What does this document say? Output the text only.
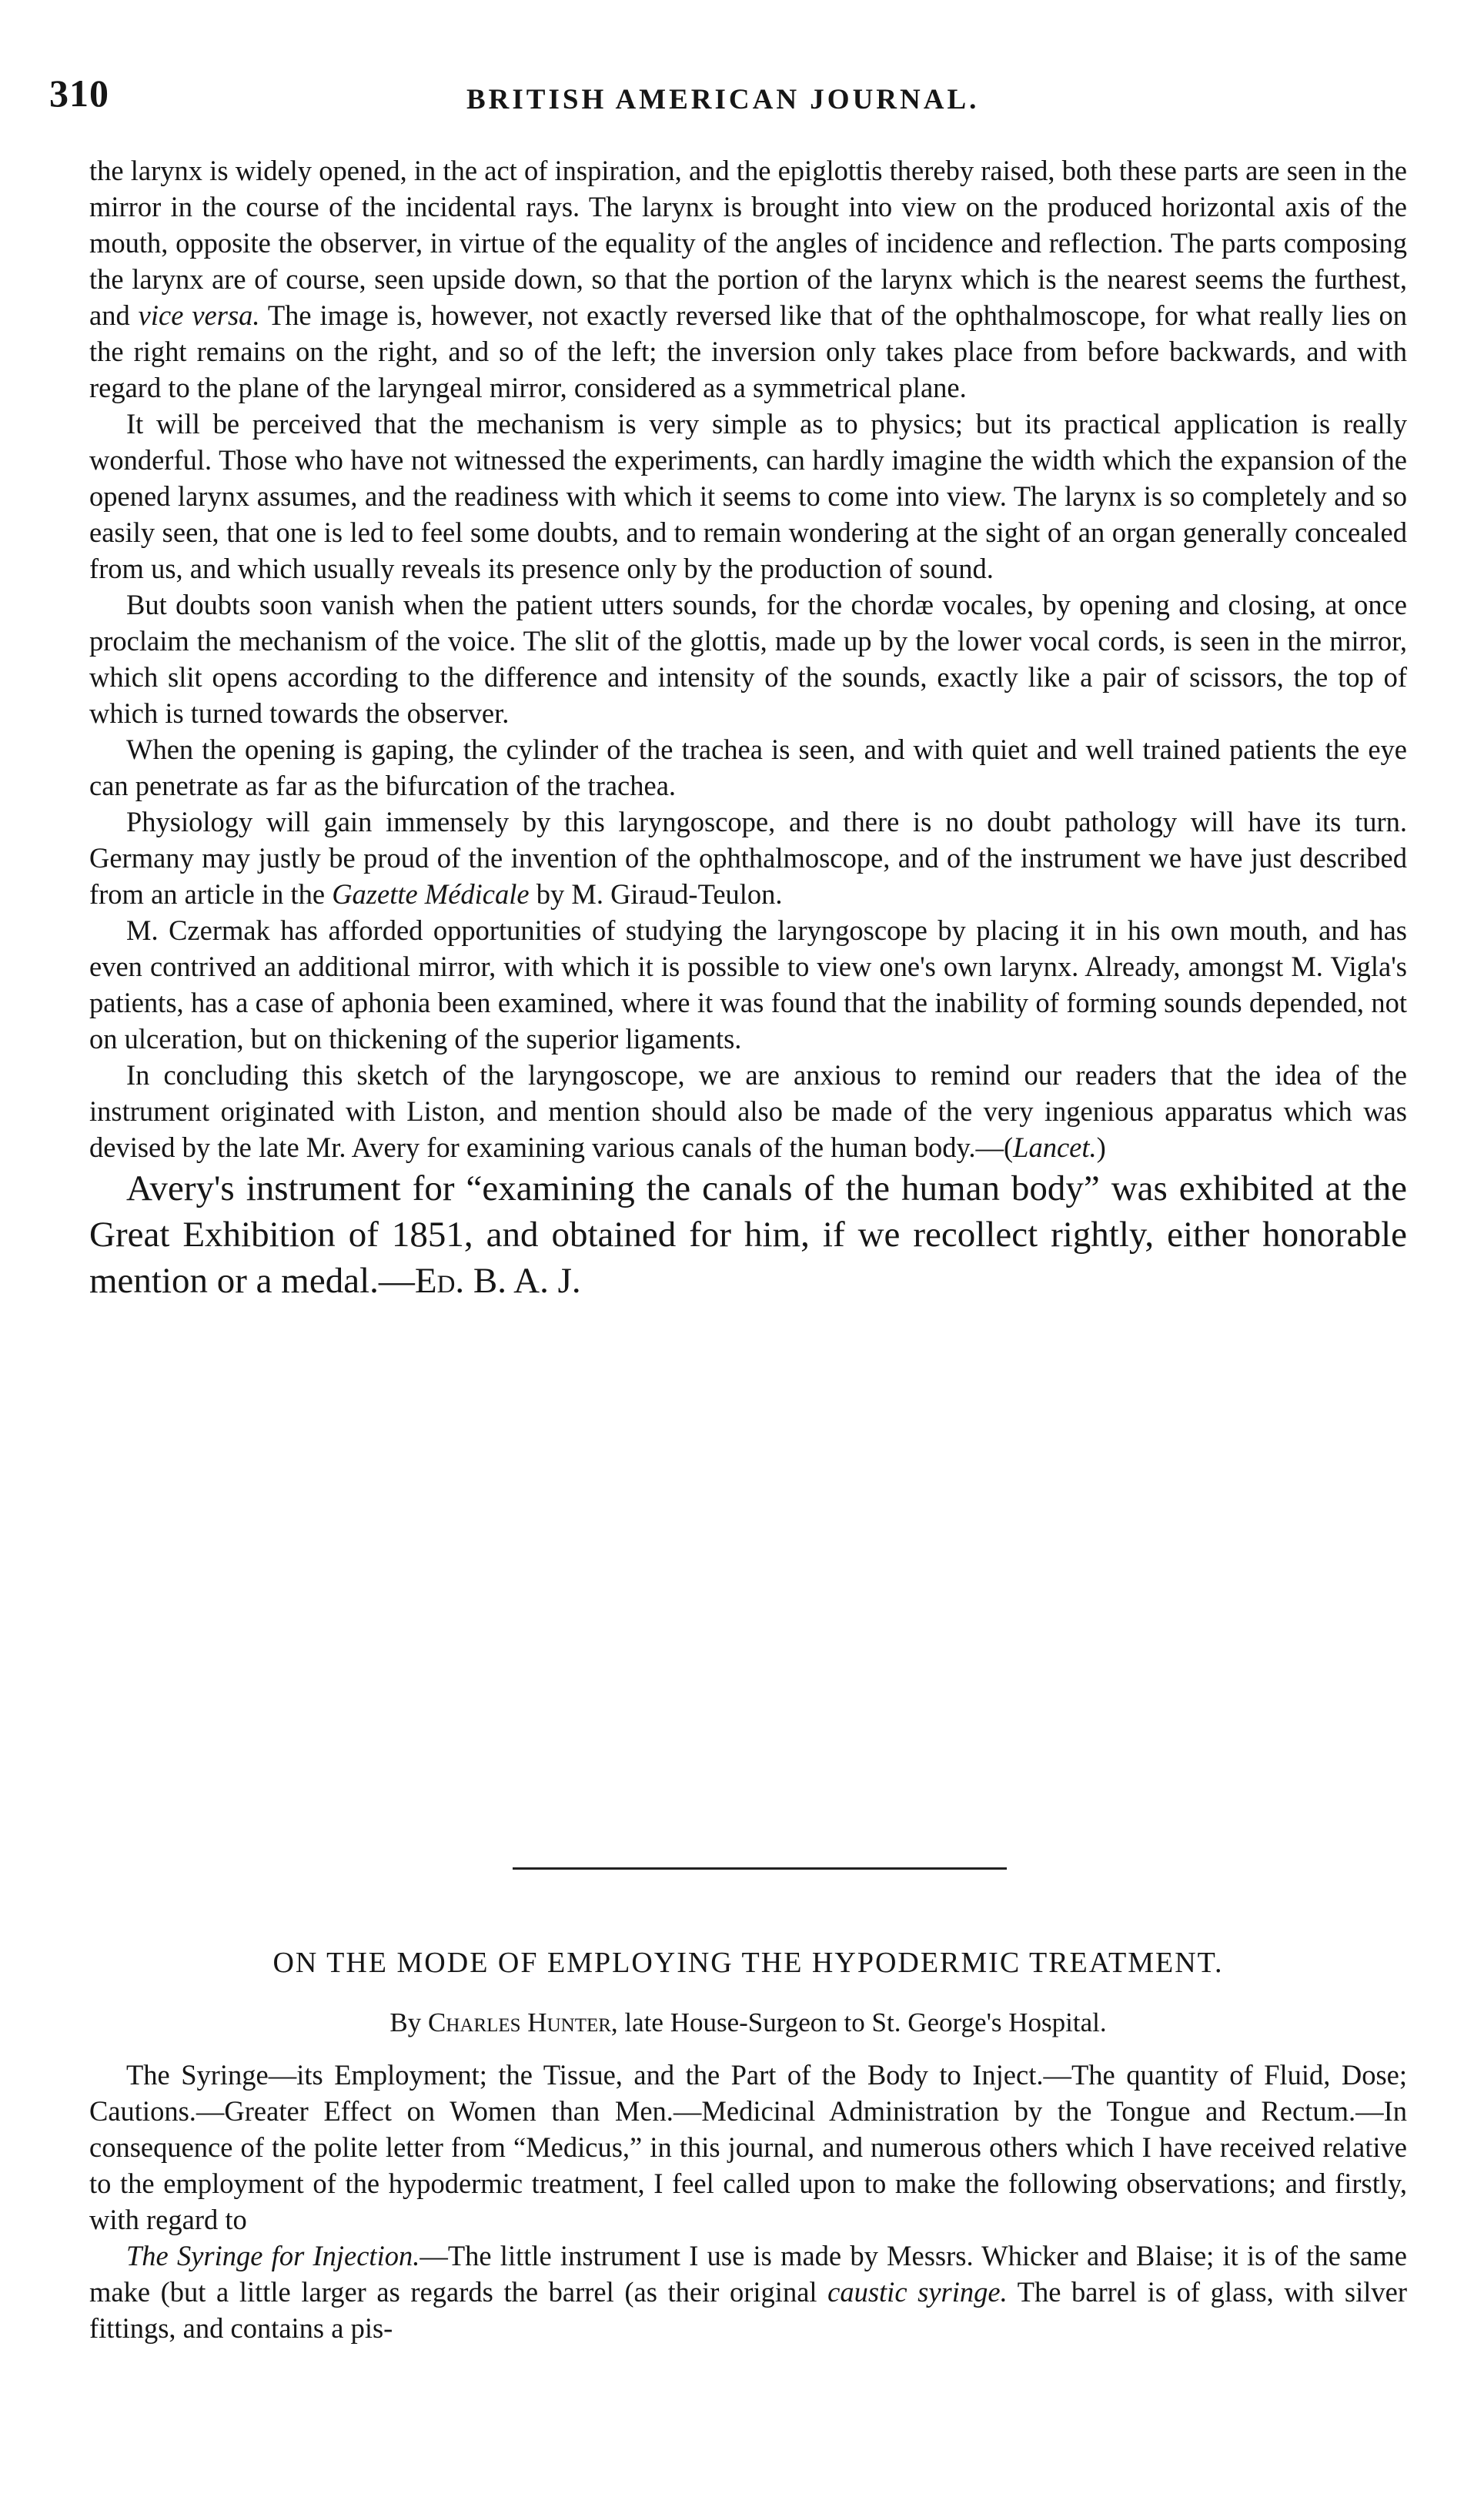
310	BRITISH AMERICAN JOURNAL.

the larynx is widely opened, in the act of inspiration, and the epiglottis thereby raised, both these parts are seen in the mirror in the course of the incidental rays. The larynx is brought into view on the produced horizontal axis of the mouth, opposite the observer, in virtue of the equality of the angles of incidence and reflection. The parts composing the larynx are of course, seen upside down, so that the portion of the larynx which is the nearest seems the furthest, and vice versa. The image is, however, not exactly reversed like that of the ophthalmoscope, for what really lies on the right remains on the right, and so of the left; the inversion only takes place from before backwards, and with regard to the plane of the laryngeal mirror, considered as a symmetrical plane.

It will be perceived that the mechanism is very simple as to physics; but its practical application is really wonderful. Those who have not witnessed the experiments, can hardly imagine the width which the expansion of the opened larynx assumes, and the readiness with which it seems to come into view. The larynx is so completely and so easily seen, that one is led to feel some doubts, and to remain wondering at the sight of an organ generally concealed from us, and which usually reveals its presence only by the production of sound.

But doubts soon vanish when the patient utters sounds, for the chordæ vocales, by opening and closing, at once proclaim the mechanism of the voice. The slit of the glottis, made up by the lower vocal cords, is seen in the mirror, which slit opens according to the difference and intensity of the sounds, exactly like a pair of scissors, the top of which is turned towards the observer.

When the opening is gaping, the cylinder of the trachea is seen, and with quiet and well trained patients the eye can penetrate as far as the bifurcation of the trachea.

Physiology will gain immensely by this laryngoscope, and there is no doubt pathology will have its turn. Germany may justly be proud of the invention of the ophthalmoscope, and of the instrument we have just described from an article in the Gazette Médicale by M. Giraud-Teulon.

M. Czermak has afforded opportunities of studying the laryngoscope by placing it in his own mouth, and has even contrived an additional mirror, with which it is possible to view one's own larynx. Already, amongst M. Vigla's patients, has a case of aphonia been examined, where it was found that the inability of forming sounds depended, not on ulceration, but on thickening of the superior ligaments.

In concluding this sketch of the laryngoscope, we are anxious to remind our readers that the idea of the instrument originated with Liston, and mention should also be made of the very ingenious apparatus which was devised by the late Mr. Avery for examining various canals of the human body.—(Lancet.)

Avery's instrument for “examining the canals of the human body” was exhibited at the Great Exhibition of 1851, and obtained for him, if we recollect rightly, either honorable mention or a medal.—Ed. B. A. J.

ON THE MODE OF EMPLOYING THE HYPODERMIC TREATMENT.
By Charles Hunter, late House-Surgeon to St. George's Hospital.

The Syringe—its Employment; the Tissue, and the Part of the Body to Inject.—The quantity of Fluid, Dose; Cautions.—Greater Effect on Women than Men.—Medicinal Administration by the Tongue and Rectum.—In consequence of the polite letter from “Medicus,” in this journal, and numerous others which I have received relative to the employment of the hypodermic treatment, I feel called upon to make the following observations; and firstly, with regard to

The Syringe for Injection.—The little instrument I use is made by Messrs. Whicker and Blaise; it is of the same make (but a little larger as regards the barrel (as their original caustic syringe. The barrel is of glass, with silver fittings, and contains a pis-
